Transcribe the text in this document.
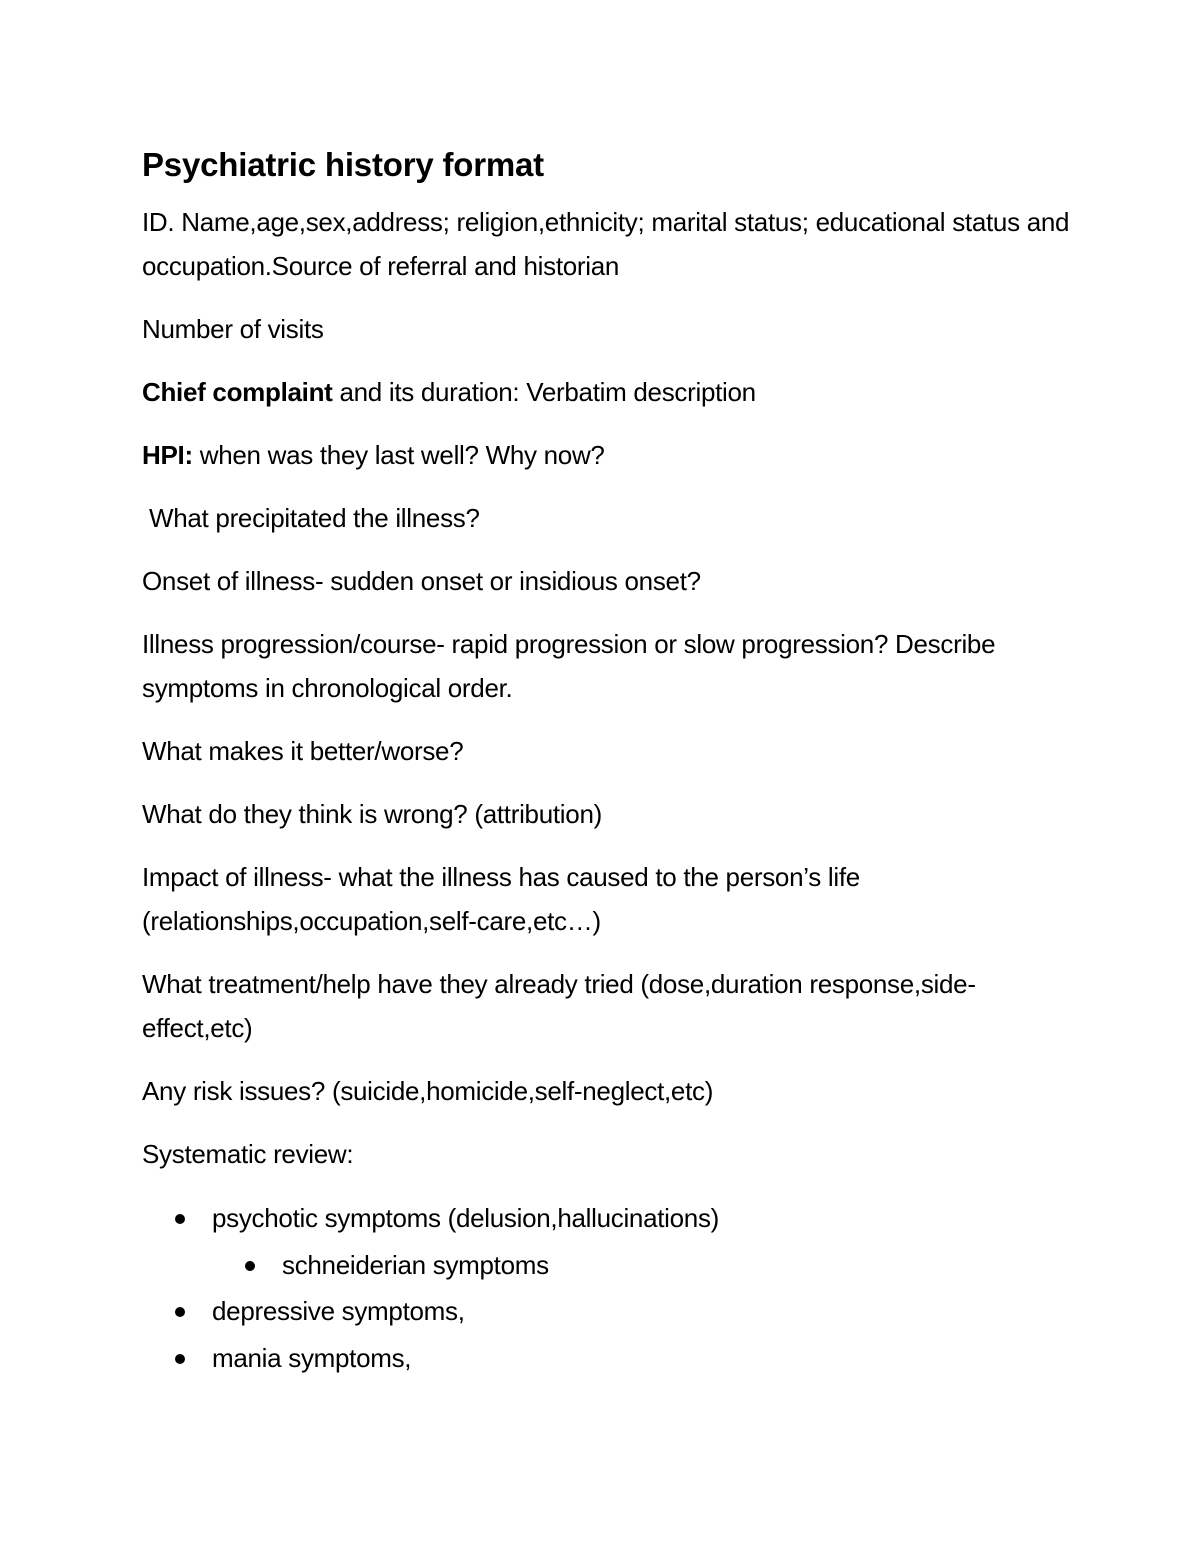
Psychiatric history format

ID. Name,age,sex,address; religion,ethnicity; marital status; educational status and occupation.Source of referral and historian

Number of visits

Chief complaint and its duration: Verbatim description

HPI: when was they last well? Why now?

What precipitated the illness?

Onset of illness- sudden onset or insidious onset?

Illness progression/course- rapid progression or slow progression? Describe symptoms in chronological order.

What makes it better/worse?

What do they think is wrong? (attribution)

Impact of illness- what the illness has caused to the person’s life (relationships,occupation,self-care,etc…)

What treatment/help have they already tried (dose,duration response,side-effect,etc)

Any risk issues? (suicide,homicide,self-neglect,etc)

Systematic review:

psychotic symptoms (delusion,hallucinations)
schneiderian symptoms
depressive symptoms,
mania symptoms,
